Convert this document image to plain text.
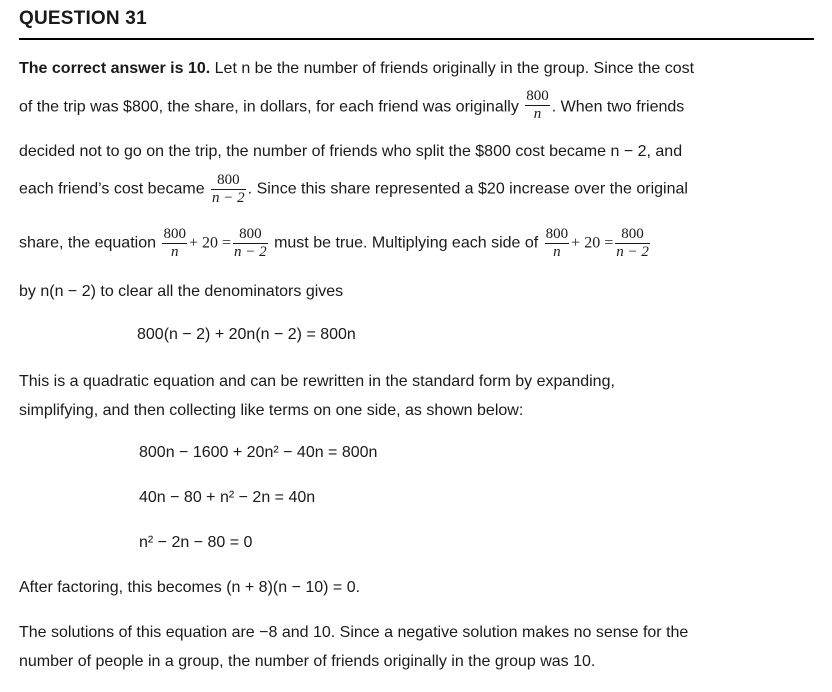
QUESTION 31
The correct answer is 10. Let n be the number of friends originally in the group. Since the cost
of the trip was $800, the share, in dollars, for each friend was originally $\frac{800}{n}$ . When two friends
decided not to go on the trip, the number of friends who split the $800 cost became n − 2, and
each friend’s cost became $\frac{800}{n - 2}$ . Since this share represented a $20 increase over the original
share, the equation $\frac{800}{n} + 20 = \frac{800}{n - 2}$ must be true. Multiplying each side of $\frac{800}{n} + 20 = \frac{800}{n - 2}$
by n(n − 2) to clear all the denominators gives
800(n − 2) + 20n(n − 2) = 800n
This is a quadratic equation and can be rewritten in the standard form by expanding,
simplifying, and then collecting like terms on one side, as shown below:
800n − 1600 + 20n² − 40n = 800n
40n − 80 + n² − 2n = 40n
n² − 2n − 80 = 0
After factoring, this becomes (n + 8)(n − 10) = 0.
The solutions of this equation are −8 and 10. Since a negative solution makes no sense for the
number of people in a group, the number of friends originally in the group was 10.
